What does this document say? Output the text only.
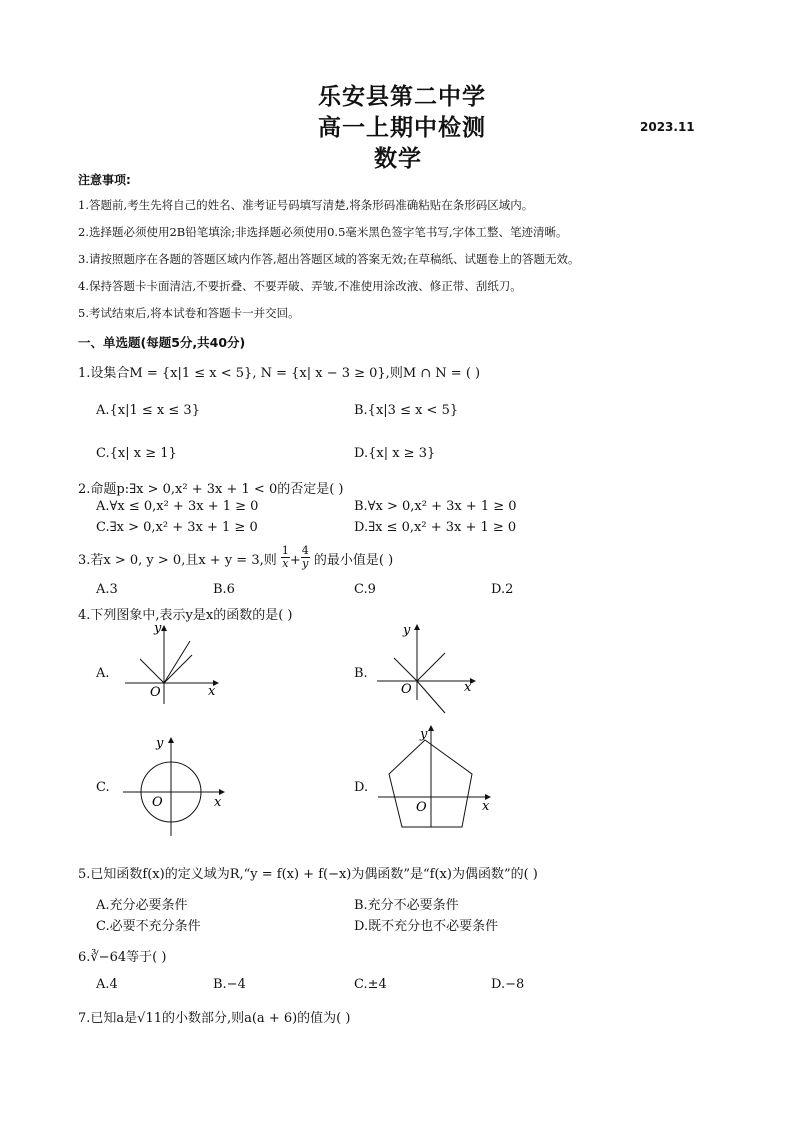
乐安县第二中学
高一上期中检测	2023.11
数学
注意事项:
1.答题前,考生先将自己的姓名、准考证号码填写清楚,将条形码准确粘贴在条形码区域内。
2.选择题必须使用2B铅笔填涂;非选择题必须使用0.5毫米黑色签字笔书写,字体工整、笔迹清晰。
3.请按照题序在各题的答题区域内作答,超出答题区域的答案无效;在草稿纸、试题卷上的答题无效。
4.保持答题卡卡面清洁,不要折叠、不要弄破、弄皱,不准使用涂改液、修正带、刮纸刀。
5.考试结束后,将本试卷和答题卡一并交回。
一、单选题(每题5分,共40分)
1.设集合M = {x|1 ≤ x < 5}, N = {x| x − 3 ≥ 0},则M ∩ N = ( )
A.{x|1 ≤ x ≤ 3}	B.{x|3 ≤ x < 5}
C.{x| x ≥ 1}	D.{x| x ≥ 3}
2.命题p:∃x > 0,x² + 3x + 1 < 0的否定是( )
A.∀x ≤ 0,x² + 3x + 1 ≥ 0	B.∀x > 0,x² + 3x + 1 ≥ 0
C.∃x > 0,x² + 3x + 1 ≥ 0	D.∃x ≤ 0,x² + 3x + 1 ≥ 0
3.若x > 0, y > 0,且x + y = 3,则 $\frac{1}{x} + \frac{4}{y}$ 的最小值是( )
A.3	B.6	C.9	D.2
4.下列图象中,表示y是x的函数的是( )
A.	B.
C.	D.
y
x
O
y
x
O
y
x
O
y
x
O
5.已知函数f(x)的定义域为R,“y = f(x) + f(−x)为偶函数”是“f(x)为偶函数”的( )
A.充分必要条件	B.充分不必要条件
C.必要不充分条件	D.既不充分也不必要条件
6.∛−64等于( )
A.4	B.−4	C.±4	D.−8
7.已知a是√11的小数部分,则a(a + 6)的值为( )
